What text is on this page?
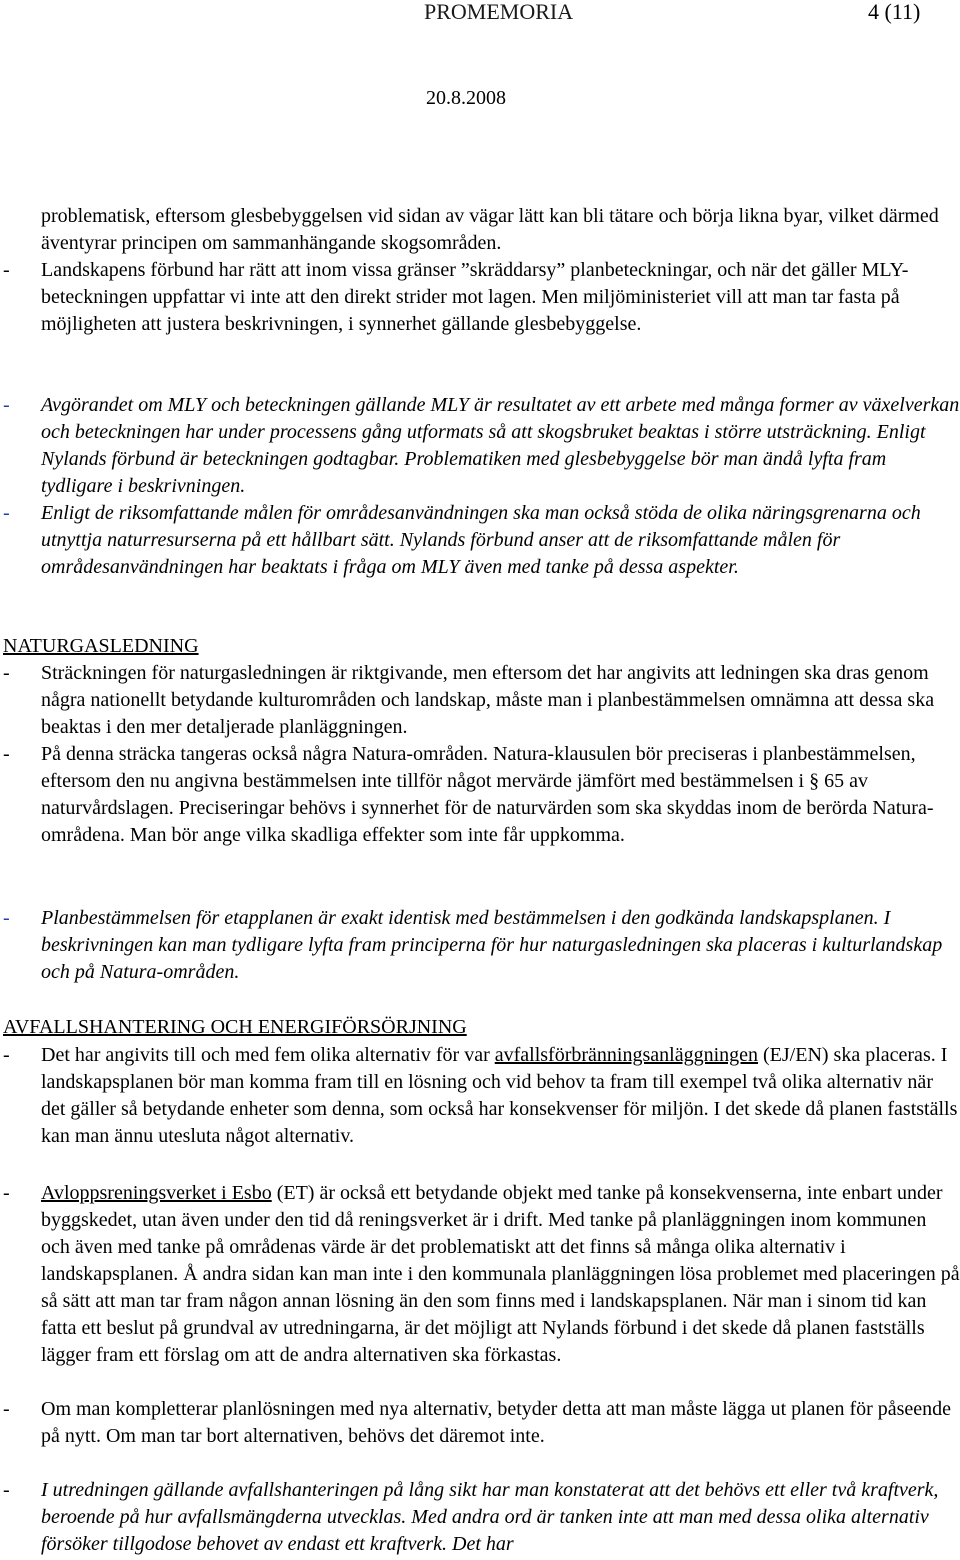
PROMEMORIA	4 (11)
20.8.2008

problematisk, eftersom glesbebyggelsen vid sidan av vägar lätt kan bli tätare och börja likna byar, vilket därmed äventyrar principen om sammanhängande skogsområden.

- Landskapens förbund har rätt att inom vissa gränser ”skräddarsy” planbeteckningar, och när det gäller MLY-beteckningen uppfattar vi inte att den direkt strider mot lagen. Men miljöministeriet vill att man tar fasta på möjligheten att justera beskrivningen, i synnerhet gällande glesbebyggelse.
- Avgörandet om MLY och beteckningen gällande MLY är resultatet av ett arbete med många former av växelverkan och beteckningen har under processens gång utformats så att skogsbruket beaktas i större utsträckning. Enligt Nylands förbund är beteckningen godtagbar. Problematiken med glesbebyggelse bör man ändå lyfta fram tydligare i beskrivningen.
- Enligt de riksomfattande målen för områdesanvändningen ska man också stöda de olika näringsgrenarna och utnyttja naturresurserna på ett hållbart sätt. Nylands förbund anser att de riksomfattande målen för områdesanvändningen har beaktats i fråga om MLY även med tanke på dessa aspekter.
NATURGASLEDNING
- Sträckningen för naturgasledningen är riktgivande, men eftersom det har angivits att ledningen ska dras genom några nationellt betydande kulturområden och landskap, måste man i planbestämmelsen omnämna att dessa ska beaktas i den mer detaljerade planläggningen.
- På denna sträcka tangeras också några Natura-områden. Natura-klausulen bör preciseras i planbestämmelsen, eftersom den nu angivna bestämmelsen inte tillför något mervärde jämfört med bestämmelsen i § 65 av naturvårdslagen. Preciseringar behövs i synnerhet för de naturvärden som ska skyddas inom de berörda Natura-områdena. Man bör ange vilka skadliga effekter som inte får uppkomma.
- Planbestämmelsen för etapplanen är exakt identisk med bestämmelsen i den godkända landskapsplanen. I beskrivningen kan man tydligare lyfta fram principerna för hur naturgasledningen ska placeras i kulturlandskap och på Natura-områden.
AVFALLSHANTERING OCH ENERGIFÖRSÖRJNING
- Det har angivits till och med fem olika alternativ för var avfallsförbränningsanläggningen (EJ/EN) ska placeras. I landskapsplanen bör man komma fram till en lösning och vid behov ta fram till exempel två olika alternativ när det gäller så betydande enheter som denna, som också har konsekvenser för miljön. I det skede då planen fastställs kan man ännu utesluta något alternativ.
- Avloppsreningsverket i Esbo (ET) är också ett betydande objekt med tanke på konsekvenserna, inte enbart under byggskedet, utan även under den tid då reningsverket är i drift. Med tanke på planläggningen inom kommunen och även med tanke på områdenas värde är det problematiskt att det finns så många olika alternativ i landskapsplanen. Å andra sidan kan man inte i den kommunala planläggningen lösa problemet med placeringen på så sätt att man tar fram någon annan lösning än den som finns med i landskapsplanen. När man i sinom tid kan fatta ett beslut på grundval av utredningarna, är det möjligt att Nylands förbund i det skede då planen fastställs lägger fram ett förslag om att de andra alternativen ska förkastas.
- Om man kompletterar planlösningen med nya alternativ, betyder detta att man måste lägga ut planen för påseende på nytt. Om man tar bort alternativen, behövs det däremot inte.
- I utredningen gällande avfallshanteringen på lång sikt har man konstaterat att det behövs ett eller två kraftverk, beroende på hur avfallsmängderna utvecklas. Med andra ord är tanken inte att man med dessa olika alternativ försöker tillgodose behovet av endast ett kraftverk. Det har
